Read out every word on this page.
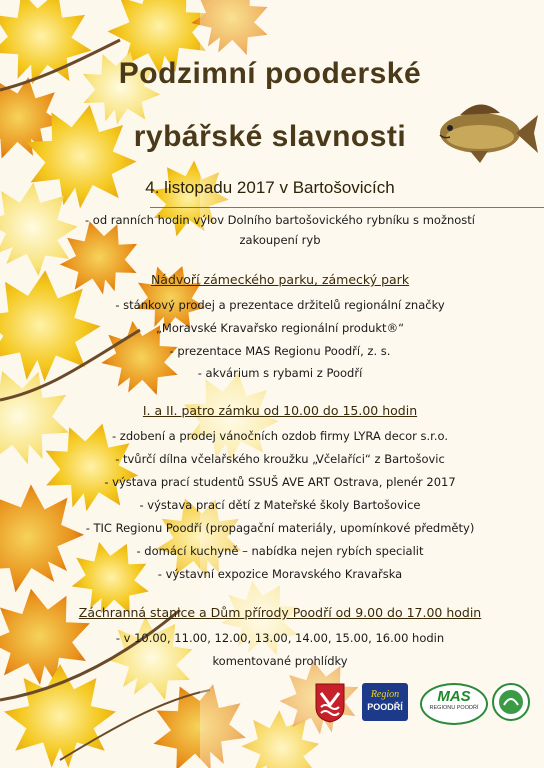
Podzimní pooderské
rybářské slavnosti
4. listopadu 2017 v Bartošovicích
- od ranních hodin výlov Dolního bartošovického rybníku s možností
zakoupení ryb
Nádvoří zámeckého parku, zámecký park
- stánkový prodej a prezentace držitelů regionální značky
„Moravské Kravařsko regionální produkt®“
- prezentace MAS Regionu Poodří, z. s.
- akvárium s rybami z Poodří
I. a II. patro zámku od 10.00 do 15.00 hodin
- zdobení a prodej vánočních ozdob firmy LYRA decor s.r.o.
- tvůrčí dílna včelařského kroužku „Včelaříci“ z Bartošovic
- výstava prací studentů SSUŠ AVE ART Ostrava, plenér 2017
- výstava prací dětí z Mateřské školy Bartošovice
- TIC Regionu Poodří (propagační materiály, upomínkové předměty)
- domácí kuchyně – nabídka nejen rybích specialit
- výstavní expozice Moravského Kravařska
Záchranná stanice a Dům přírody Poodří od 9.00 do 17.00 hodin
- v 10.00, 11.00, 12.00, 13.00, 14.00, 15.00, 16.00 hodin
komentované prohlídky
Region
POODŘÍ
MAS
REGIONU POODŘÍ
